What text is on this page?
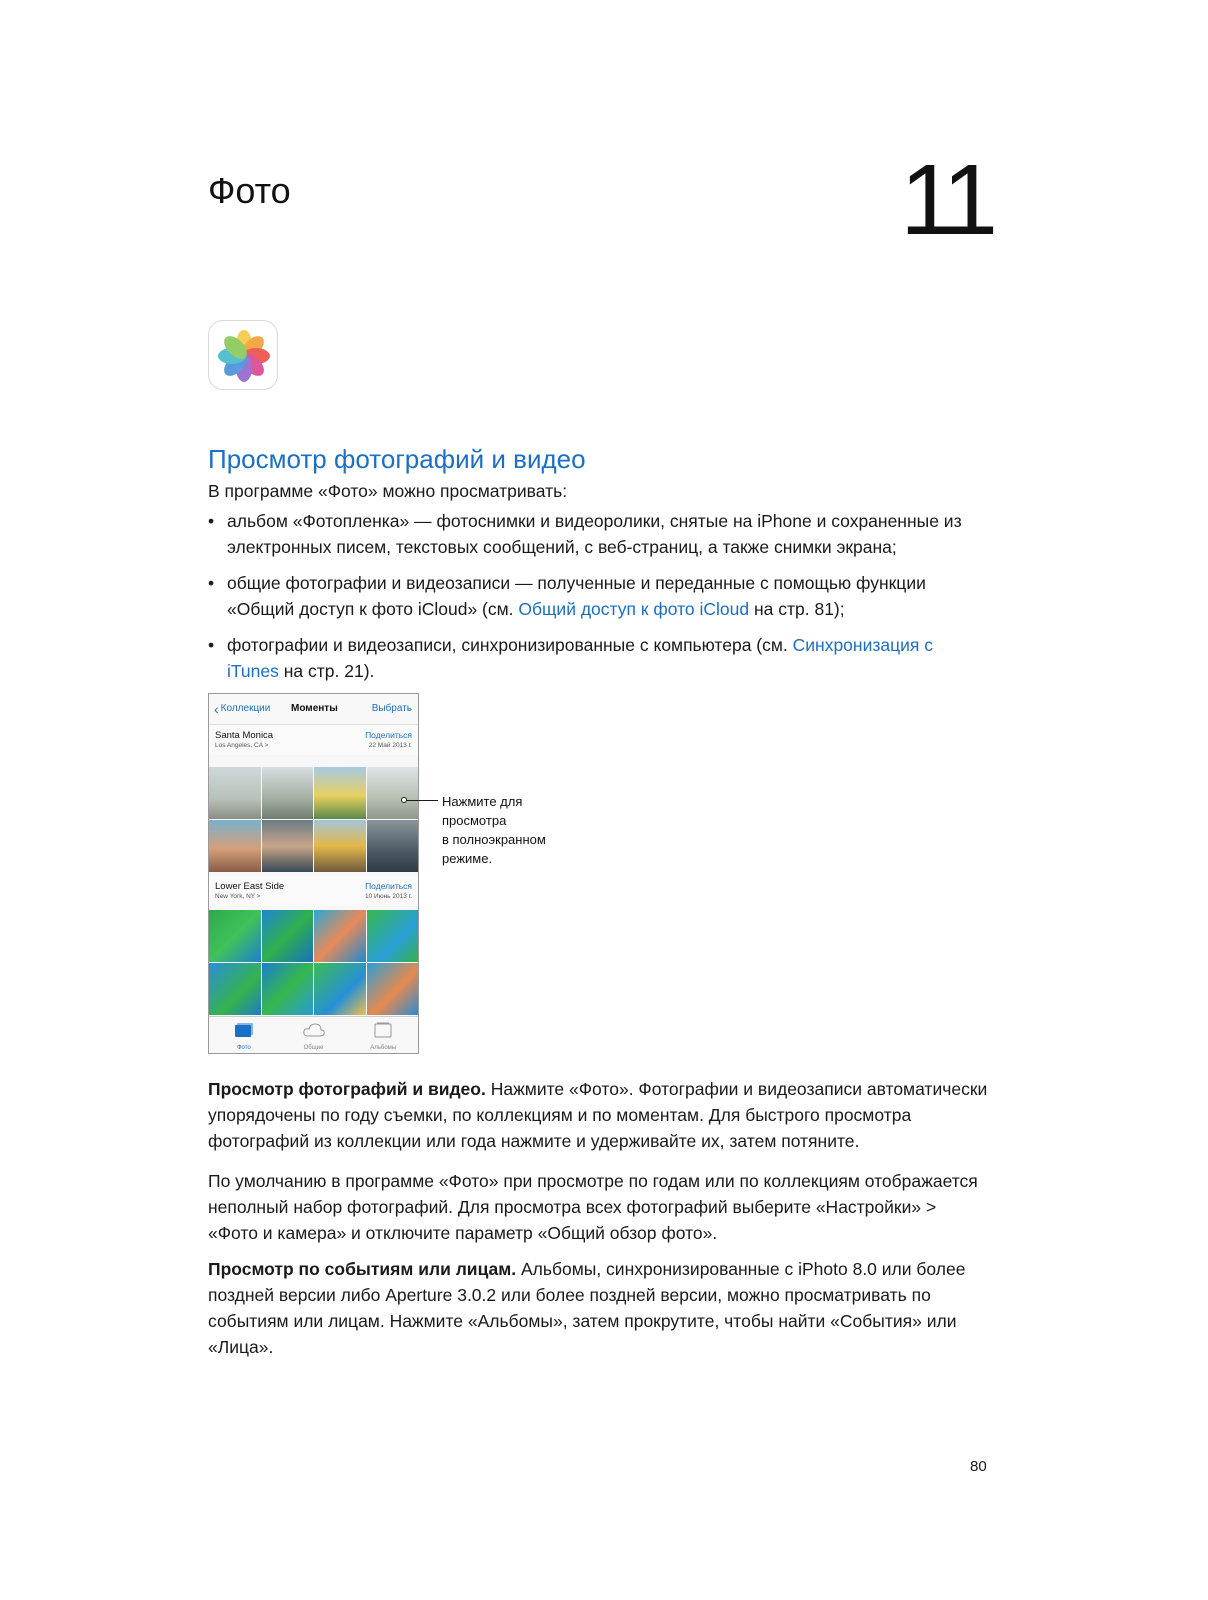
Фото	11
Просмотр фотографий и видео
В программе «Фото» можно просматривать:
• альбом «Фотопленка» — фотоснимки и видеоролики, снятые на iPhone и сохраненные из электронных писем, текстовых сообщений, с веб-страниц, а также снимки экрана;
• общие фотографии и видеозаписи — полученные и переданные с помощью функции «Общий доступ к фото iCloud» (см. Общий доступ к фото iCloud на стр. 81);
• фотографии и видеозаписи, синхронизированные с компьютера (см. Синхронизация с iTunes на стр. 21).
‹ Коллекции Моменты	Выбрать
Santa Monica
Los Angeles, CA >
Поделиться
22 Май 2013 г.
Lower East Side
New York, NY >
Поделиться
10 Июнь 2013 г.
Фото	Общие	Альбомы
Нажмите для
просмотра
в полноэкранном
режиме.
Просмотр фотографий и видео. Нажмите «Фото». Фотографии и видеозаписи автоматически упорядочены по году съемки, по коллекциям и по моментам. Для быстрого просмотра фотографий из коллекции или года нажмите и удерживайте их, затем потяните.
По умолчанию в программе «Фото» при просмотре по годам или по коллекциям отображается неполный набор фотографий. Для просмотра всех фотографий выберите «Настройки» > «Фото и камера» и отключите параметр «Общий обзор фото».
Просмотр по событиям или лицам. Альбомы, синхронизированные с iPhoto 8.0 или более поздней версии либо Aperture 3.0.2 или более поздней версии, можно просматривать по событиям или лицам. Нажмите «Альбомы», затем прокрутите, чтобы найти «События» или «Лица».
80
